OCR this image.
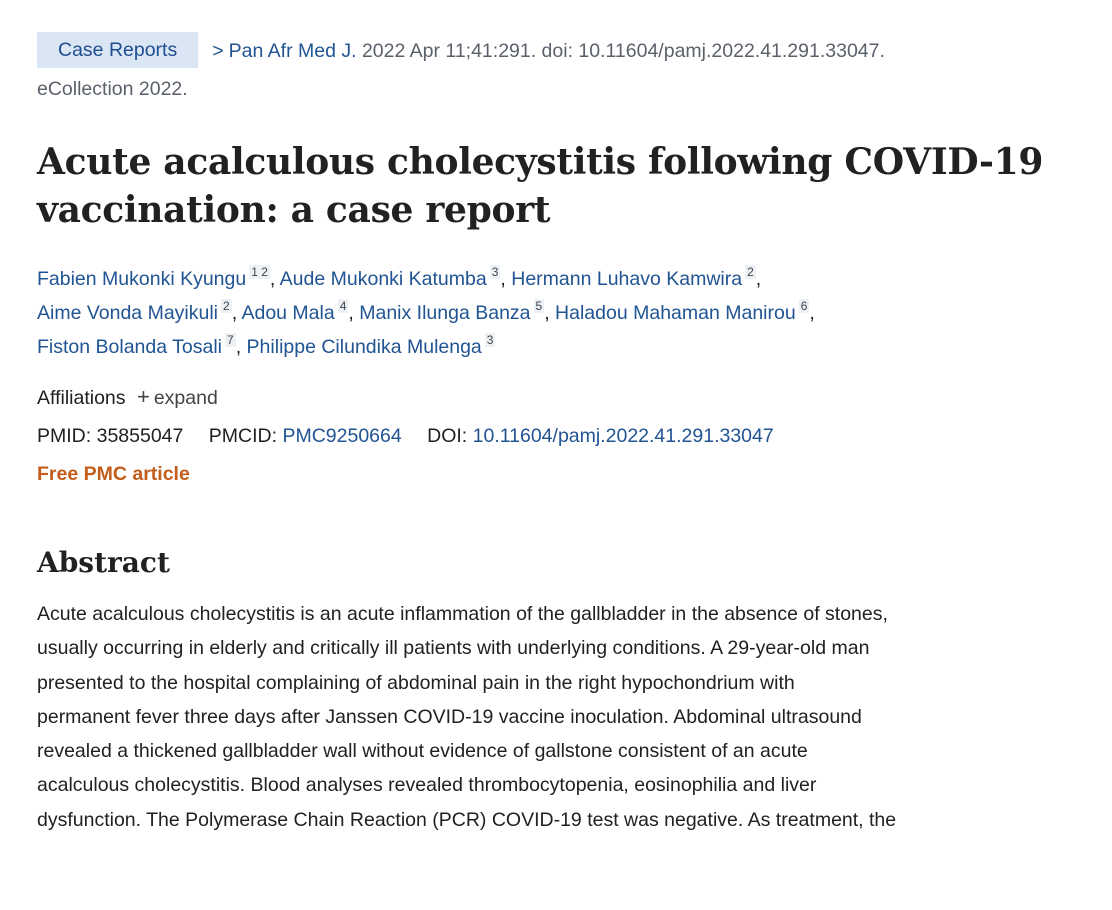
Case Reports > Pan Afr Med J. 2022 Apr 11;41:291. doi: 10.11604/pamj.2022.41.291.33047.
eCollection 2022.
Acute acalculous cholecystitis following COVID-19
vaccination: a case report
Fabien Mukonki Kyungu 1 2 , Aude Mukonki Katumba 3 , Hermann Luhavo Kamwira 2 ,
Aime Vonda Mayikuli 2 , Adou Mala 4 , Manix Ilunga Banza 5 , Haladou Mahaman Manirou 6 ,
Fiston Bolanda Tosali 7 , Philippe Cilundika Mulenga 3
Affiliations + expand
PMID: 35855047 PMCID: PMC9250664 DOI: 10.11604/pamj.2022.41.291.33047
Free PMC article
Abstract
Acute acalculous cholecystitis is an acute inflammation of the gallbladder in the absence of stones,
usually occurring in elderly and critically ill patients with underlying conditions. A 29-year-old man
presented to the hospital complaining of abdominal pain in the right hypochondrium with
permanent fever three days after Janssen COVID-19 vaccine inoculation. Abdominal ultrasound
revealed a thickened gallbladder wall without evidence of gallstone consistent of an acute
acalculous cholecystitis. Blood analyses revealed thrombocytopenia, eosinophilia and liver
dysfunction. The Polymerase Chain Reaction (PCR) COVID-19 test was negative. As treatment, the
